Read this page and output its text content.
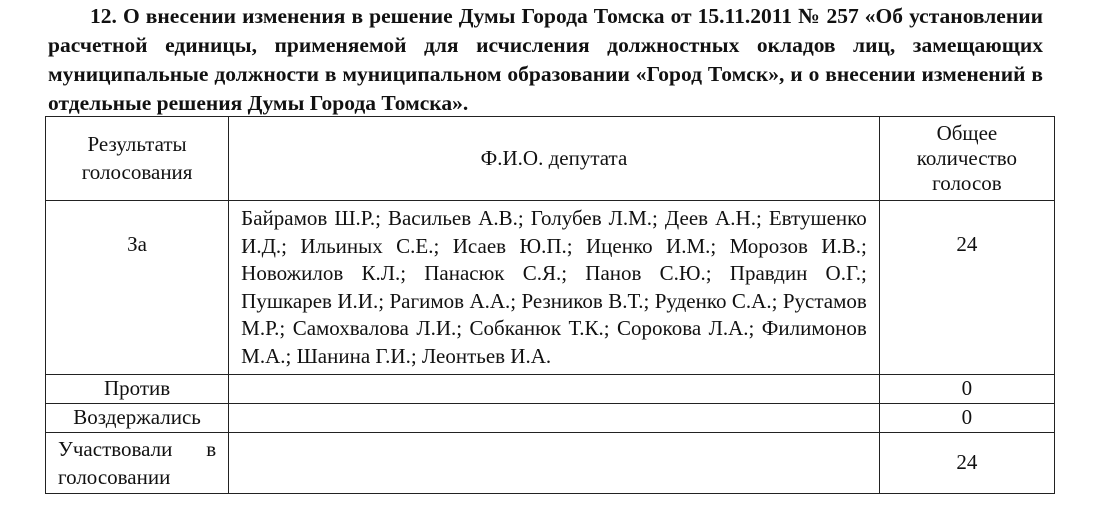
12. О внесении изменения в решение Думы Города Томска от 15.11.2011 № 257 «Об установлении расчетной единицы, применяемой для исчисления должностных окладов лиц, замещающих муниципальные должности в муниципальном образовании «Город Томск», и о внесении изменений в отдельные решения Думы Города Томска».
Результаты голосования	Ф.И.О. депутата	Общее количество голосов
За	Байрамов Ш.Р.; Васильев А.В.; Голубев Л.М.; Деев А.Н.; Евтушенко И.Д.; Ильиных С.Е.; Исаев Ю.П.; Иценко И.М.; Морозов И.В.; Новожилов К.Л.; Панасюк С.Я.; Панов С.Ю.; Правдин О.Г.; Пушкарев И.И.; Рагимов А.А.; Резников В.Т.; Руденко С.А.; Рустамов М.Р.; Самохвалова Л.И.; Собканюк Т.К.; Сорокова Л.А.; Филимонов М.А.; Шанина Г.И.; Леонтьев И.А.	24
Против		0
Воздержались		0
Участвовали в голосовании		24
